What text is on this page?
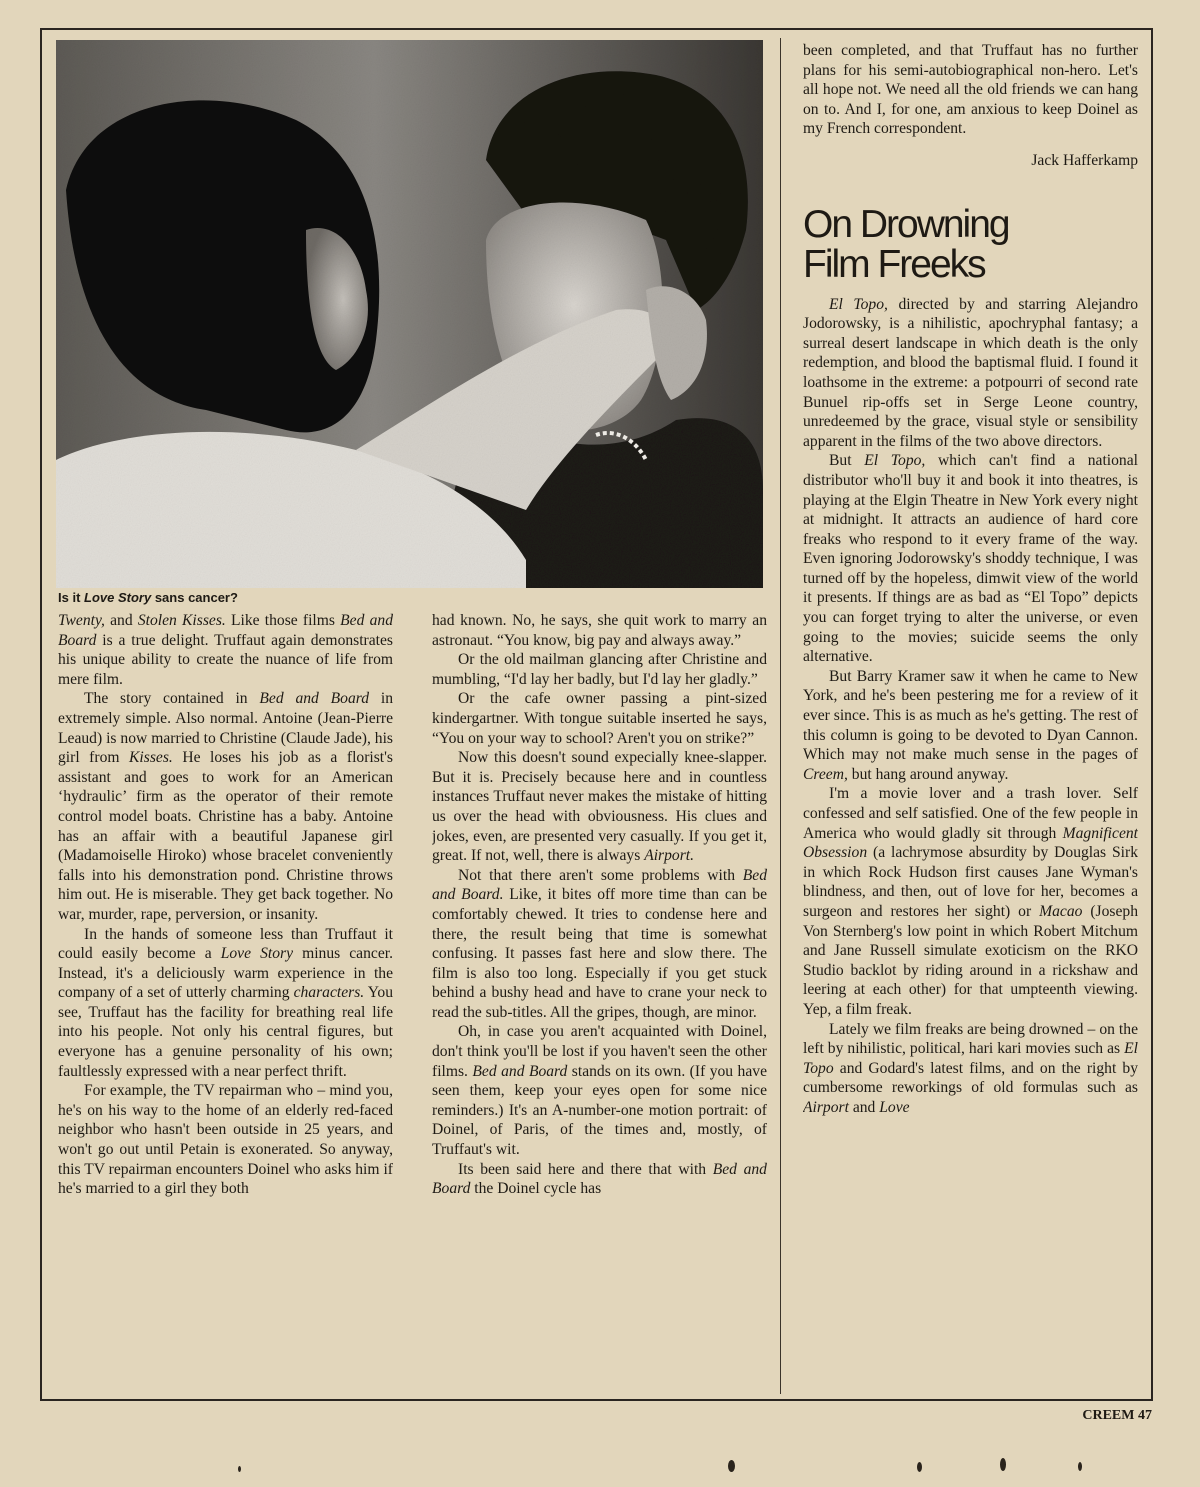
Is it Love Story sans cancer?

Twenty, and Stolen Kisses. Like those films Bed and Board is a true delight. Truffaut again demonstrates his unique ability to create the nuance of life from mere film.

The story contained in Bed and Board in extremely simple. Also normal. Antoine (Jean-Pierre Leaud) is now married to Christine (Claude Jade), his girl from Kisses. He loses his job as a florist's assistant and goes to work for an American ‘hydraulic’ firm as the operator of their remote control model boats. Christine has a baby. Antoine has an affair with a beautiful Japanese girl (Madamoiselle Hiroko) whose bracelet conveniently falls into his demonstration pond. Christine throws him out. He is miserable. They get back together. No war, murder, rape, perversion, or insanity.

In the hands of someone less than Truffaut it could easily become a Love Story minus cancer. Instead, it's a deliciously warm experience in the company of a set of utterly charming characters. You see, Truffaut has the facility for breathing real life into his people. Not only his central figures, but everyone has a genuine personality of his own; faultlessly expressed with a near perfect thrift.

For example, the TV repairman who – mind you, he's on his way to the home of an elderly red-faced neighbor who hasn't been outside in 25 years, and won't go out until Petain is exonerated. So anyway, this TV repairman encounters Doinel who asks him if he's married to a girl they both

had known. No, he says, she quit work to marry an astronaut. “You know, big pay and always away.”

Or the old mailman glancing after Christine and mumbling, “I'd lay her badly, but I'd lay her gladly.”

Or the cafe owner passing a pint-sized kindergartner. With tongue suitable inserted he says, “You on your way to school? Aren't you on strike?”

Now this doesn't sound expecially knee-slapper. But it is. Precisely because here and in countless instances Truffaut never makes the mistake of hitting us over the head with obviousness. His clues and jokes, even, are presented very casually. If you get it, great. If not, well, there is always Airport.

Not that there aren't some problems with Bed and Board. Like, it bites off more time than can be comfortably chewed. It tries to condense here and there, the result being that time is somewhat confusing. It passes fast here and slow there. The film is also too long. Especially if you get stuck behind a bushy head and have to crane your neck to read the sub-titles. All the gripes, though, are minor.

Oh, in case you aren't acquainted with Doinel, don't think you'll be lost if you haven't seen the other films. Bed and Board stands on its own. (If you have seen them, keep your eyes open for some nice reminders.) It's an A-number-one motion portrait: of Doinel, of Paris, of the times and, mostly, of Truffaut's wit.

Its been said here and there that with Bed and Board the Doinel cycle has

been completed, and that Truffaut has no further plans for his semi-autobiographical non-hero. Let's all hope not. We need all the old friends we can hang on to. And I, for one, am anxious to keep Doinel as my French correspondent.

Jack Hafferkamp

On Drowning
Film Freeks

El Topo, directed by and starring Alejandro Jodorowsky, is a nihilistic, apochryphal fantasy; a surreal desert landscape in which death is the only redemption, and blood the baptismal fluid. I found it loathsome in the extreme: a potpourri of second rate Bunuel rip-offs set in Serge Leone country, unredeemed by the grace, visual style or sensibility apparent in the films of the two above directors.

But El Topo, which can't find a national distributor who'll buy it and book it into theatres, is playing at the Elgin Theatre in New York every night at midnight. It attracts an audience of hard core freaks who respond to it every frame of the way. Even ignoring Jodorowsky's shoddy technique, I was turned off by the hopeless, dimwit view of the world it presents. If things are as bad as “El Topo” depicts you can forget trying to alter the universe, or even going to the movies; suicide seems the only alternative.

But Barry Kramer saw it when he came to New York, and he's been pestering me for a review of it ever since. This is as much as he's getting. The rest of this column is going to be devoted to Dyan Cannon. Which may not make much sense in the pages of Creem, but hang around anyway.

I'm a movie lover and a trash lover. Self confessed and self satisfied. One of the few people in America who would gladly sit through Magnificent Obsession (a lachrymose absurdity by Douglas Sirk in which Rock Hudson first causes Jane Wyman's blindness, and then, out of love for her, becomes a surgeon and restores her sight) or Macao (Joseph Von Sternberg's low point in which Robert Mitchum and Jane Russell simulate exoticism on the RKO Studio backlot by riding around in a rickshaw and leering at each other) for that umpteenth viewing. Yep, a film freak.

Lately we film freaks are being drowned – on the left by nihilistic, political, hari kari movies such as El Topo and Godard's latest films, and on the right by cumbersome reworkings of old formulas such as Airport and Love

CREEM 47
